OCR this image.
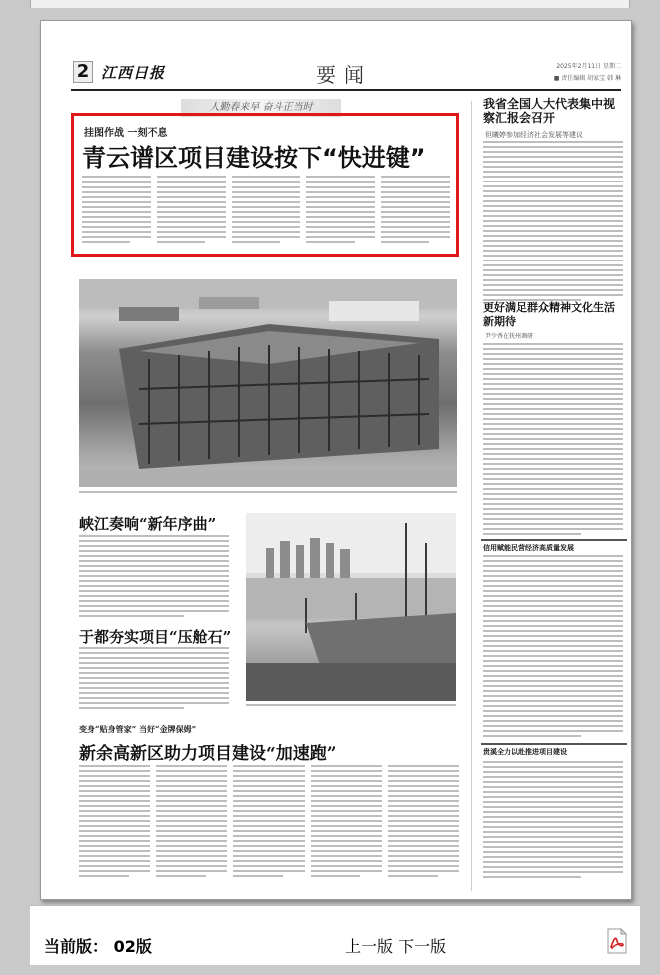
2 江西日报	要闻	2025年2月11日 星期二
■ 责任编辑 胡家宝 韩 琳
人勤春来早 奋斗正当时
挂图作战 一刻不息
青云谱区项目建设按下“快进键”
峡江奏响“新年序曲”
于都夯实项目“压舱石”
变身“贴身管家” 当好“金牌保姆”
新余高新区助力项目建设“加速跑”
我省全国人大代表集中视察汇报会召开
但曦婷参加经济社会发展等建议
更好满足群众精神文化生活新期待
尹少香在抚州调研
信用赋能民营经济高质量发展
贵溪全力以赴推进项目建设
当前版： 02版	上一版 下一版
